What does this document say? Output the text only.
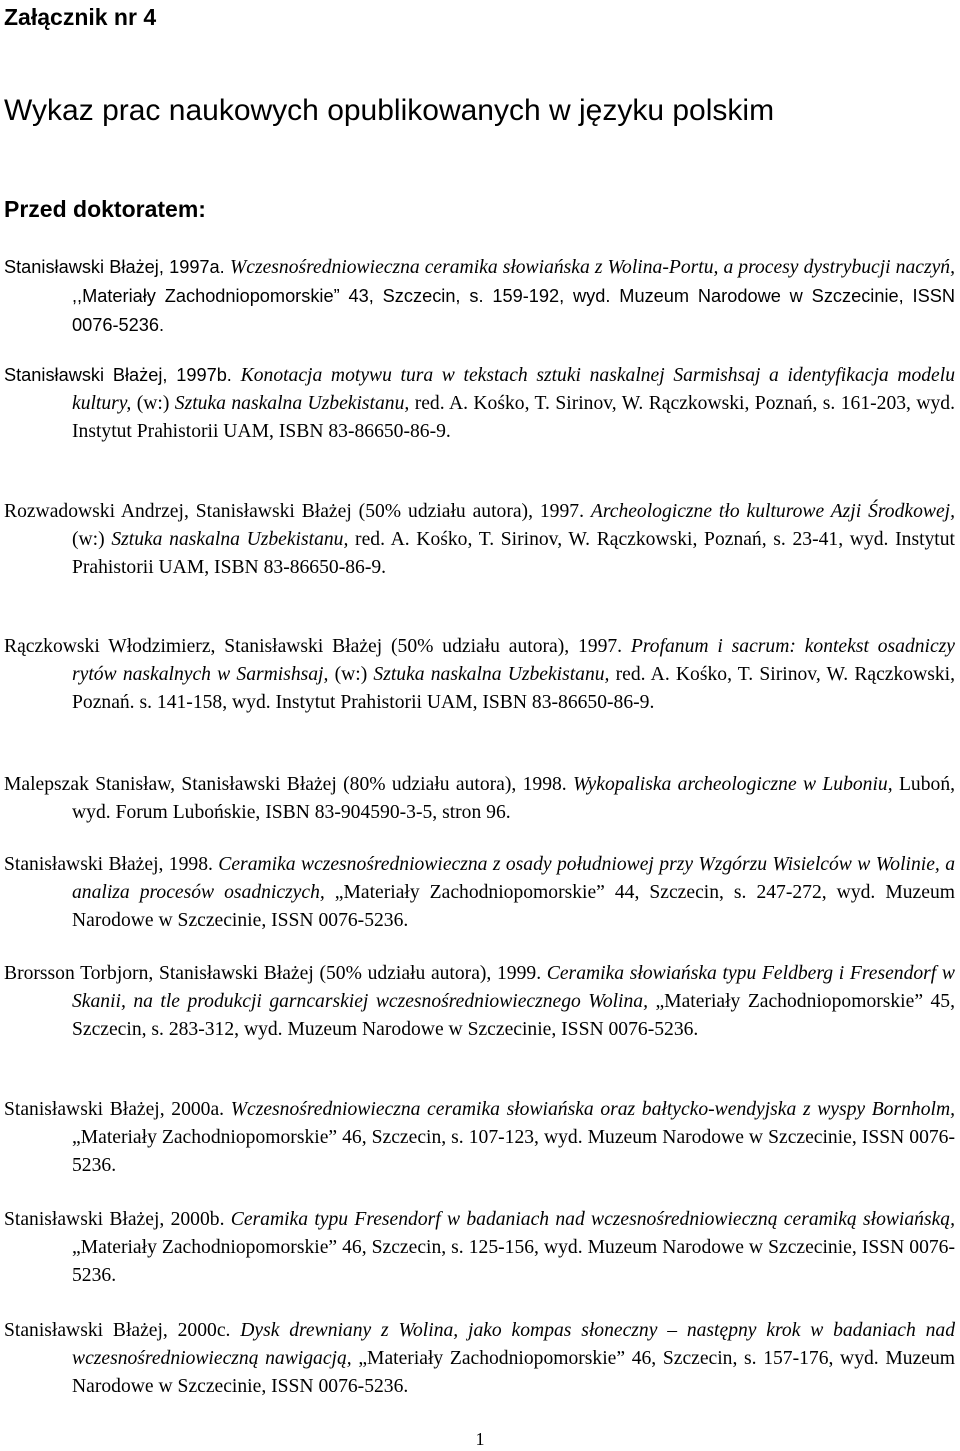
Załącznik nr 4
Wykaz prac naukowych opublikowanych w języku polskim
Przed doktoratem:

Stanisławski Błażej, 1997a. Wczesnośredniowieczna ceramika słowiańska z Wolina-Portu, a procesy dystrybucji naczyń, ,,Materiały Zachodniopomorskie” 43, Szczecin, s. 159-192, wyd. Muzeum Narodowe w Szczecinie, ISSN 0076-5236.

Stanisławski Błażej, 1997b. Konotacja motywu tura w tekstach sztuki naskalnej Sarmishsaj a identyfikacja modelu kultury, (w:) Sztuka naskalna Uzbekistanu, red. A. Kośko, T. Sirinov, W. Rączkowski, Poznań, s. 161-203, wyd. Instytut Prahistorii UAM, ISBN 83-86650-86-9.

Rozwadowski Andrzej, Stanisławski Błażej (50% udziału autora), 1997. Archeologiczne tło kulturowe Azji Środkowej, (w:) Sztuka naskalna Uzbekistanu, red. A. Kośko, T. Sirinov, W. Rączkowski, Poznań, s. 23-41, wyd. Instytut Prahistorii UAM, ISBN 83-86650-86-9.

Rączkowski Włodzimierz, Stanisławski Błażej (50% udziału autora), 1997. Profanum i sacrum: kontekst osadniczy rytów naskalnych w Sarmishsaj, (w:) Sztuka naskalna Uzbekistanu, red. A. Kośko, T. Sirinov, W. Rączkowski, Poznań. s. 141-158, wyd. Instytut Prahistorii UAM, ISBN 83-86650-86-9.

Malepszak Stanisław, Stanisławski Błażej (80% udziału autora), 1998. Wykopaliska archeologiczne w Luboniu, Luboń, wyd. Forum Lubońskie, ISBN 83-904590-3-5, stron 96.

Stanisławski Błażej, 1998. Ceramika wczesnośredniowieczna z osady południowej przy Wzgórzu Wisielców w Wolinie, a analiza procesów osadniczych, „Materiały Zachodniopomorskie” 44, Szczecin, s. 247-272, wyd. Muzeum Narodowe w Szczecinie, ISSN 0076-5236.

Brorsson Torbjorn, Stanisławski Błażej (50% udziału autora), 1999. Ceramika słowiańska typu Feldberg i Fresendorf w Skanii, na tle produkcji garncarskiej wczesnośredniowiecznego Wolina, „Materiały Zachodniopomorskie” 45, Szczecin, s. 283-312, wyd. Muzeum Narodowe w Szczecinie, ISSN 0076-5236.

Stanisławski Błażej, 2000a. Wczesnośredniowieczna ceramika słowiańska oraz bałtycko-wendyjska z wyspy Bornholm, „Materiały Zachodniopomorskie” 46, Szczecin, s. 107-123, wyd. Muzeum Narodowe w Szczecinie, ISSN 0076-5236.

Stanisławski Błażej, 2000b. Ceramika typu Fresendorf w badaniach nad wczesnośredniowieczną ceramiką słowiańską, „Materiały Zachodniopomorskie” 46, Szczecin, s. 125-156, wyd. Muzeum Narodowe w Szczecinie, ISSN 0076-5236.

Stanisławski Błażej, 2000c. Dysk drewniany z Wolina, jako kompas słoneczny – następny krok w badaniach nad wczesnośredniowieczną nawigacją, „Materiały Zachodniopomorskie” 46, Szczecin, s. 157-176, wyd. Muzeum Narodowe w Szczecinie, ISSN 0076-5236.

1
